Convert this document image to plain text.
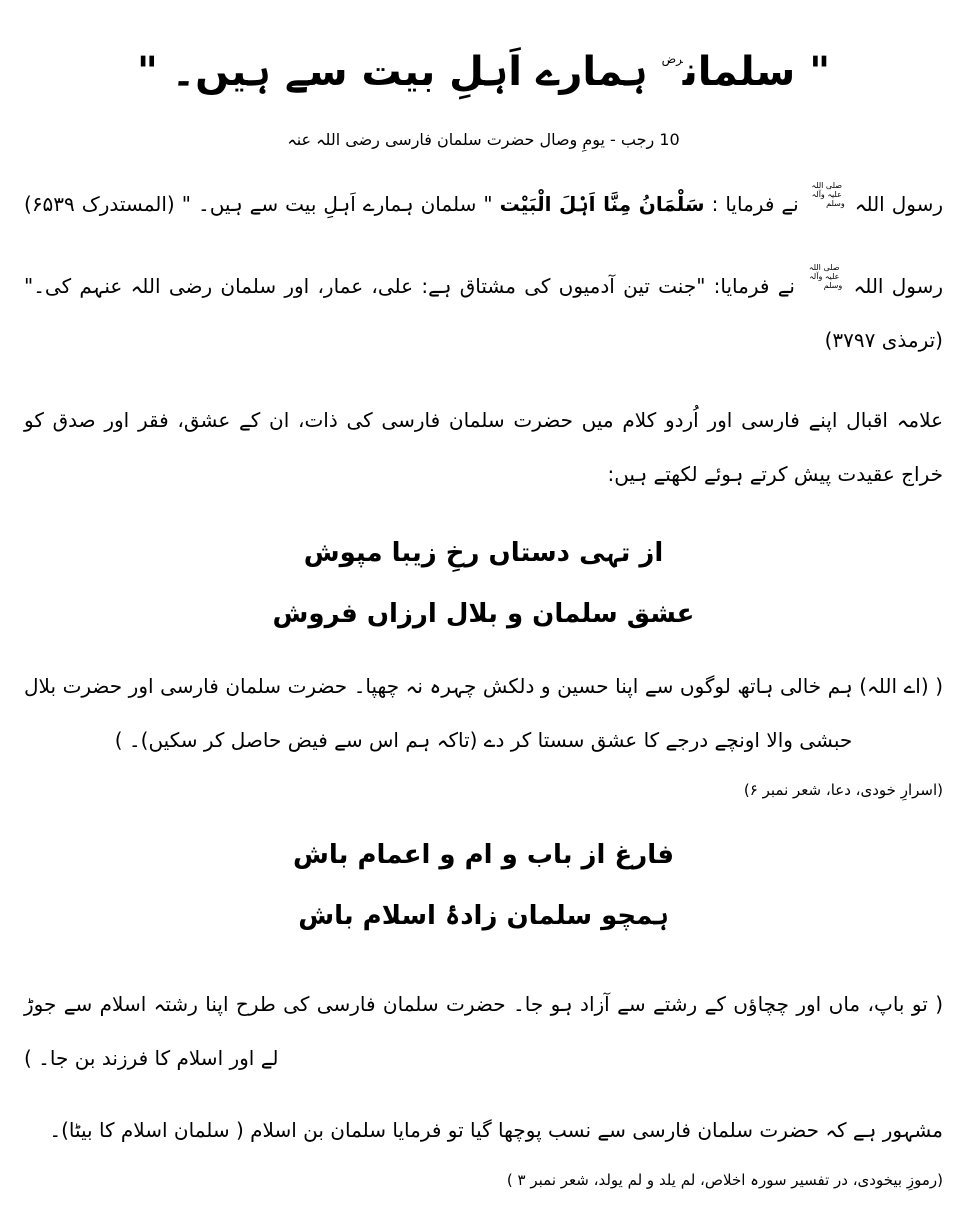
" سلمان$^{رض}$ ہمارے اَہلِ بیت سے ہیں۔ "
10 رجب - یومِ وصال حضرت سلمان فارسی رضی اللہ عنہ
رسول اللہ صلی اللہ علیہ وآلہ وسلم نے فرمایا : سَلْمَانُ مِنَّا اَہْلَ الْبَیْت " سلمان ہمارے اَہلِ بیت سے ہیں۔ " (المستدرک ۶۵۳۹)
رسول اللہ صلی اللہ علیہ وآلہ وسلم نے فرمایا: "جنت تین آدمیوں کی مشتاق ہے: علی، عمار، اور سلمان رضی اللہ عنہم کی۔" (ترمذی ۳۷۹۷)
علامہ اقبال اپنے فارسی اور اُردو کلام میں حضرت سلمان فارسی کی ذات، ان کے عشق، فقر اور صدق کو خراج عقیدت پیش کرتے ہوئے لکھتے ہیں:
از تہی دستاں رخِ زیبا مپوش
عشق سلمان و بلال ارزاں فروش
( (اے اللہ) ہم خالی ہاتھ لوگوں سے اپنا حسین و دلکش چہرہ نہ چھپا۔ حضرت سلمان فارسی اور حضرت بلال حبشی والا اونچے درجے کا عشق سستا کر دے (تاکہ ہم اس سے فیض حاصل کر سکیں)۔ )
(اسرارِ خودی، دعا، شعر نمبر ۶)
فارغ از باب و ام و اعمام باش
ہمچو سلمان زادۂ اسلام باش
( تو باپ، ماں اور چچاؤں کے رشتے سے آزاد ہو جا۔ حضرت سلمان فارسی کی طرح اپنا رشتہ اسلام سے جوڑ لے اور اسلام کا فرزند بن جا۔ )
مشہور ہے کہ حضرت سلمان فارسی سے نسب پوچھا گیا تو فرمایا سلمان بن اسلام ( سلمان اسلام کا بیٹا)۔
(رموزِ بیخودی، در تفسیر سورہ اخلاص، لم یلد و لم یولد، شعر نمبر ۳ )
